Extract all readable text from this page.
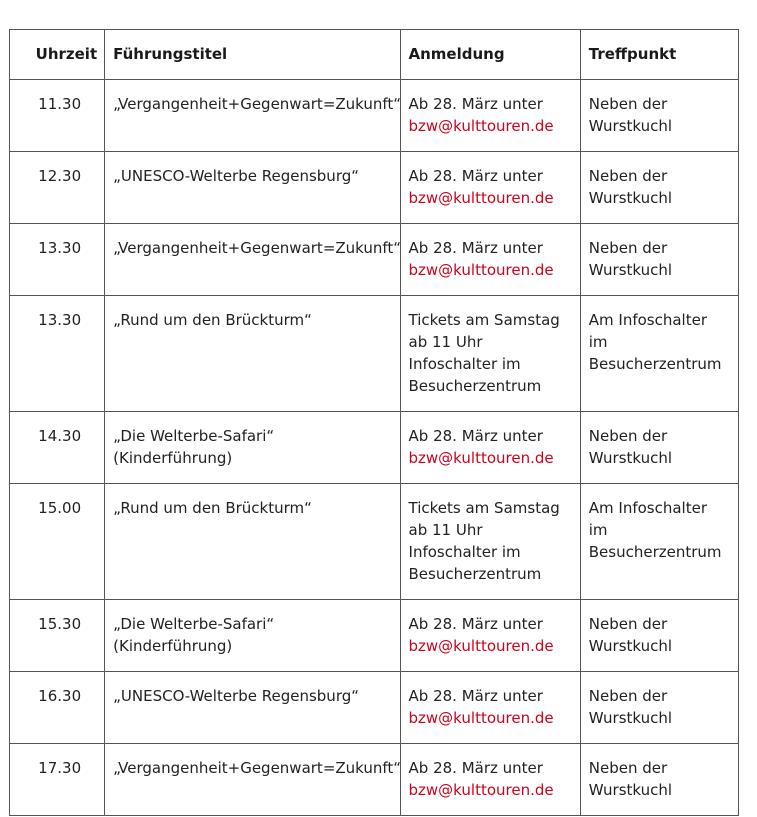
Uhrzeit	Führungstitel	Anmeldung	Treffpunkt
11.30	„Vergangenheit+Gegenwart=Zukunft“	Ab 28. März unter
bzw@kulttouren.de	Neben der
Wurstkuchl

12.30	„UNESCO-Welterbe Regensburg“	Ab 28. März unter
bzw@kulttouren.de	Neben der
Wurstkuchl

13.30	„Vergangenheit+Gegenwart=Zukunft“	Ab 28. März unter
bzw@kulttouren.de	Neben der
Wurstkuchl

13.30	„Rund um den Brückturm“	Tickets am Samstag
ab 11 Uhr
Infoschalter im
Besucherzentrum	Am Infoschalter
im
Besucherzentrum

14.30	„Die Welterbe-Safari“
(Kinderführung)	Ab 28. März unter
bzw@kulttouren.de	Neben der
Wurstkuchl

15.00	„Rund um den Brückturm“	Tickets am Samstag
ab 11 Uhr
Infoschalter im
Besucherzentrum	Am Infoschalter
im
Besucherzentrum

15.30	„Die Welterbe-Safari“
(Kinderführung)	Ab 28. März unter
bzw@kulttouren.de	Neben der
Wurstkuchl

16.30	„UNESCO-Welterbe Regensburg“	Ab 28. März unter
bzw@kulttouren.de	Neben der
Wurstkuchl

17.30	„Vergangenheit+Gegenwart=Zukunft“	Ab 28. März unter
bzw@kulttouren.de	Neben der
Wurstkuchl
